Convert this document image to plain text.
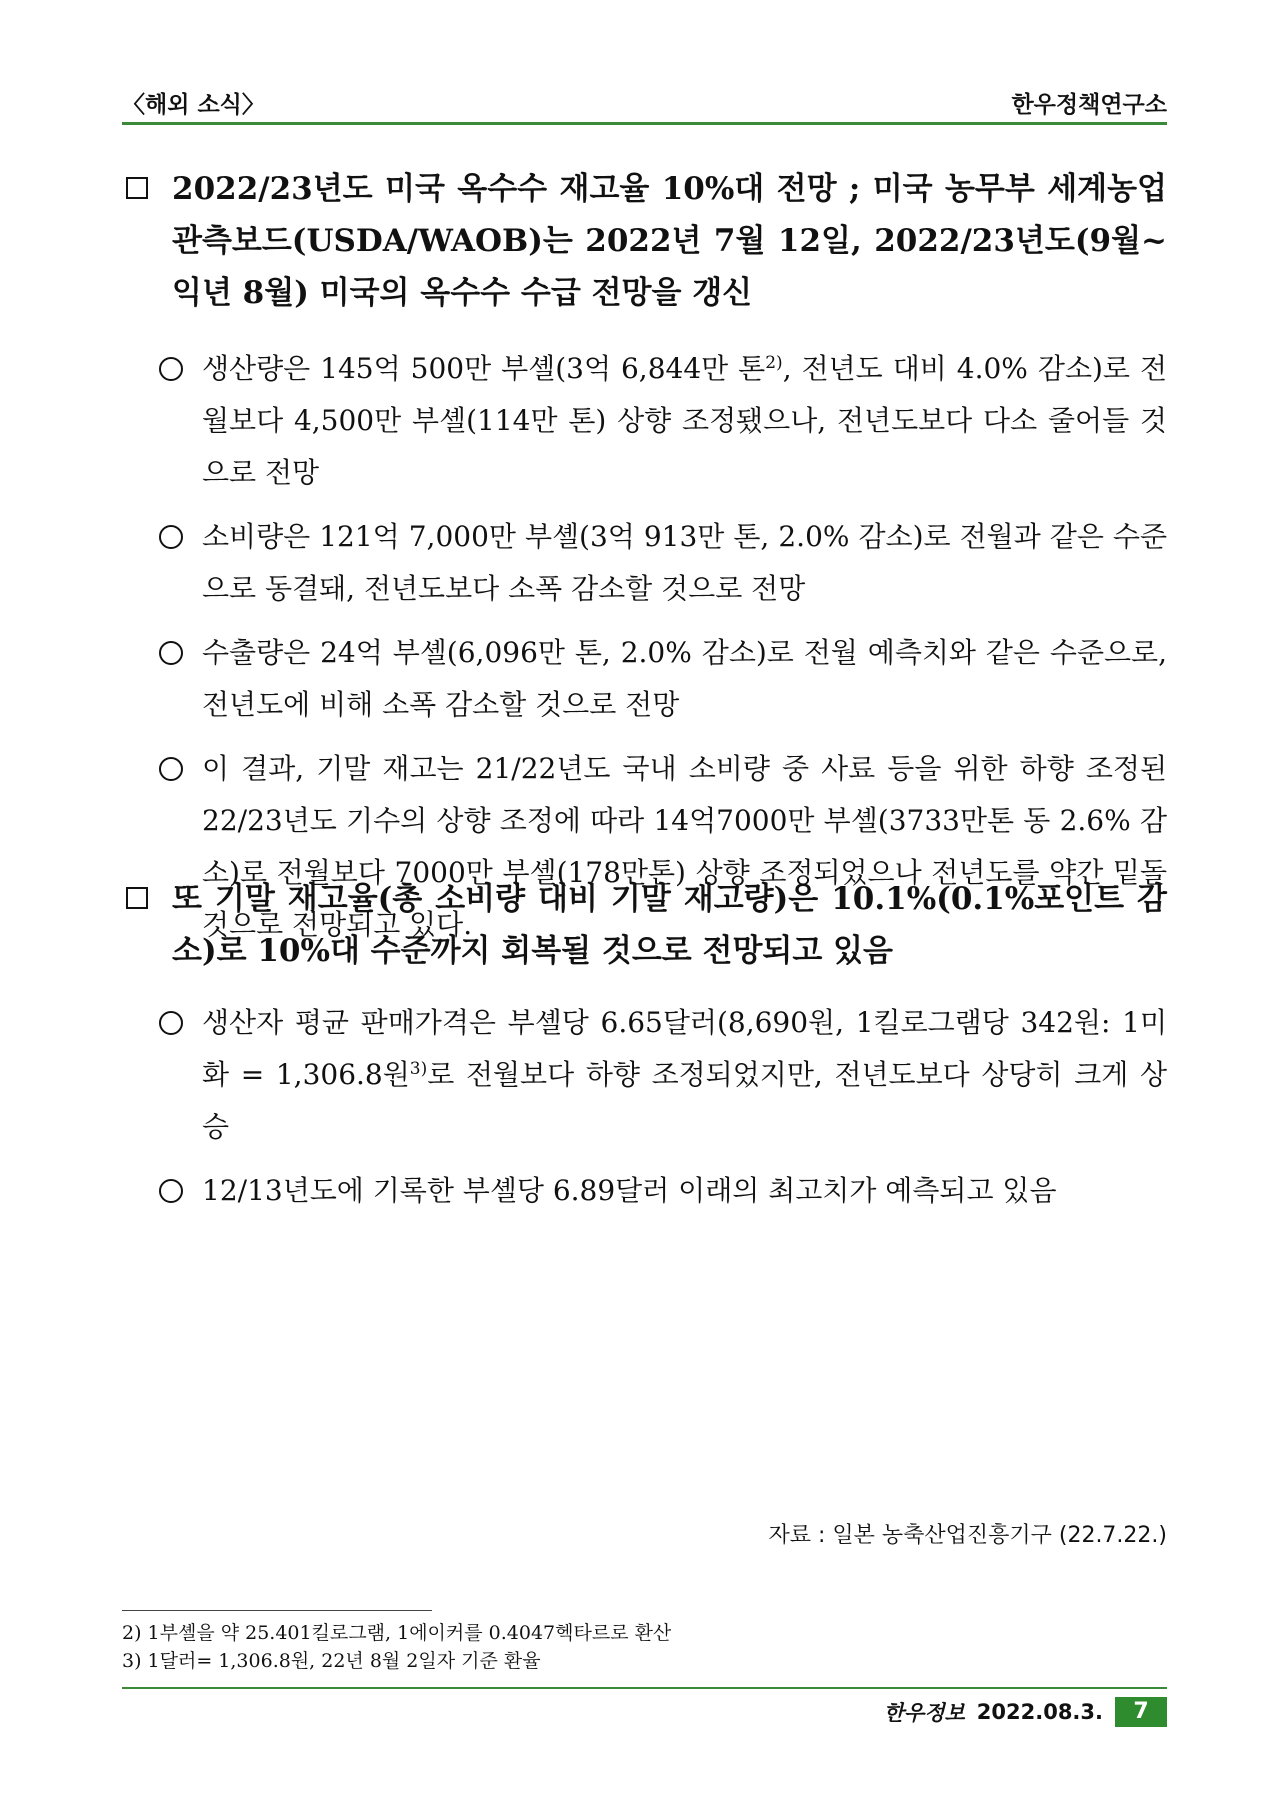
〈해외 소식〉	한우정책연구소
2022/23년도 미국 옥수수 재고율 10%대 전망 ; 미국 농무부 세계농업 관측보드(USDA/WAOB)는 2022년 7월 12일, 2022/23년도(9월~익년 8월) 미국의 옥수수 수급 전망을 갱신
생산량은 145억 500만 부셸(3억 6,844만 톤$^{2)}$, 전년도 대비 4.0% 감소)로 전월보다 4,500만 부셸(114만 톤) 상향 조정됐으나, 전년도보다 다소 줄어들 것으로 전망
소비량은 121억 7,000만 부셸(3억 913만 톤, 2.0% 감소)로 전월과 같은 수준으로 동결돼, 전년도보다 소폭 감소할 것으로 전망
수출량은 24억 부셸(6,096만 톤, 2.0% 감소)로 전월 예측치와 같은 수준으로, 전년도에 비해 소폭 감소할 것으로 전망
이 결과, 기말 재고는 21/22년도 국내 소비량 중 사료 등을 위한 하향 조정된 22/23년도 기수의 상향 조정에 따라 14억7000만 부셸(3733만톤 동 2.6% 감소)로 전월보다 7000만 부셸(178만톤) 상향 조정되었으나 전년도를 약간 밑돌 것으로 전망되고 있다.
또 기말 재고율(총 소비량 대비 기말 재고량)은 10.1%(0.1%포인트 감소)로 10%대 수준까지 회복될 것으로 전망되고 있음
생산자 평균 판매가격은 부셸당 6.65달러(8,690원, 1킬로그램당 342원: 1미화 = 1,306.8원$^{3)}$로 전월보다 하향 조정되었지만, 전년도보다 상당히 크게 상승
12/13년도에 기록한 부셸당 6.89달러 이래의 최고치가 예측되고 있음
자료 : 일본 농축산업진흥기구 (22.7.22.)
2) 1부셸을 약 25.401킬로그램, 1에이커를 0.4047헥타르로 환산
3) 1달러= 1,306.8원, 22년 8월 2일자 기준 환율
한우정보 2022.08.3.	7
